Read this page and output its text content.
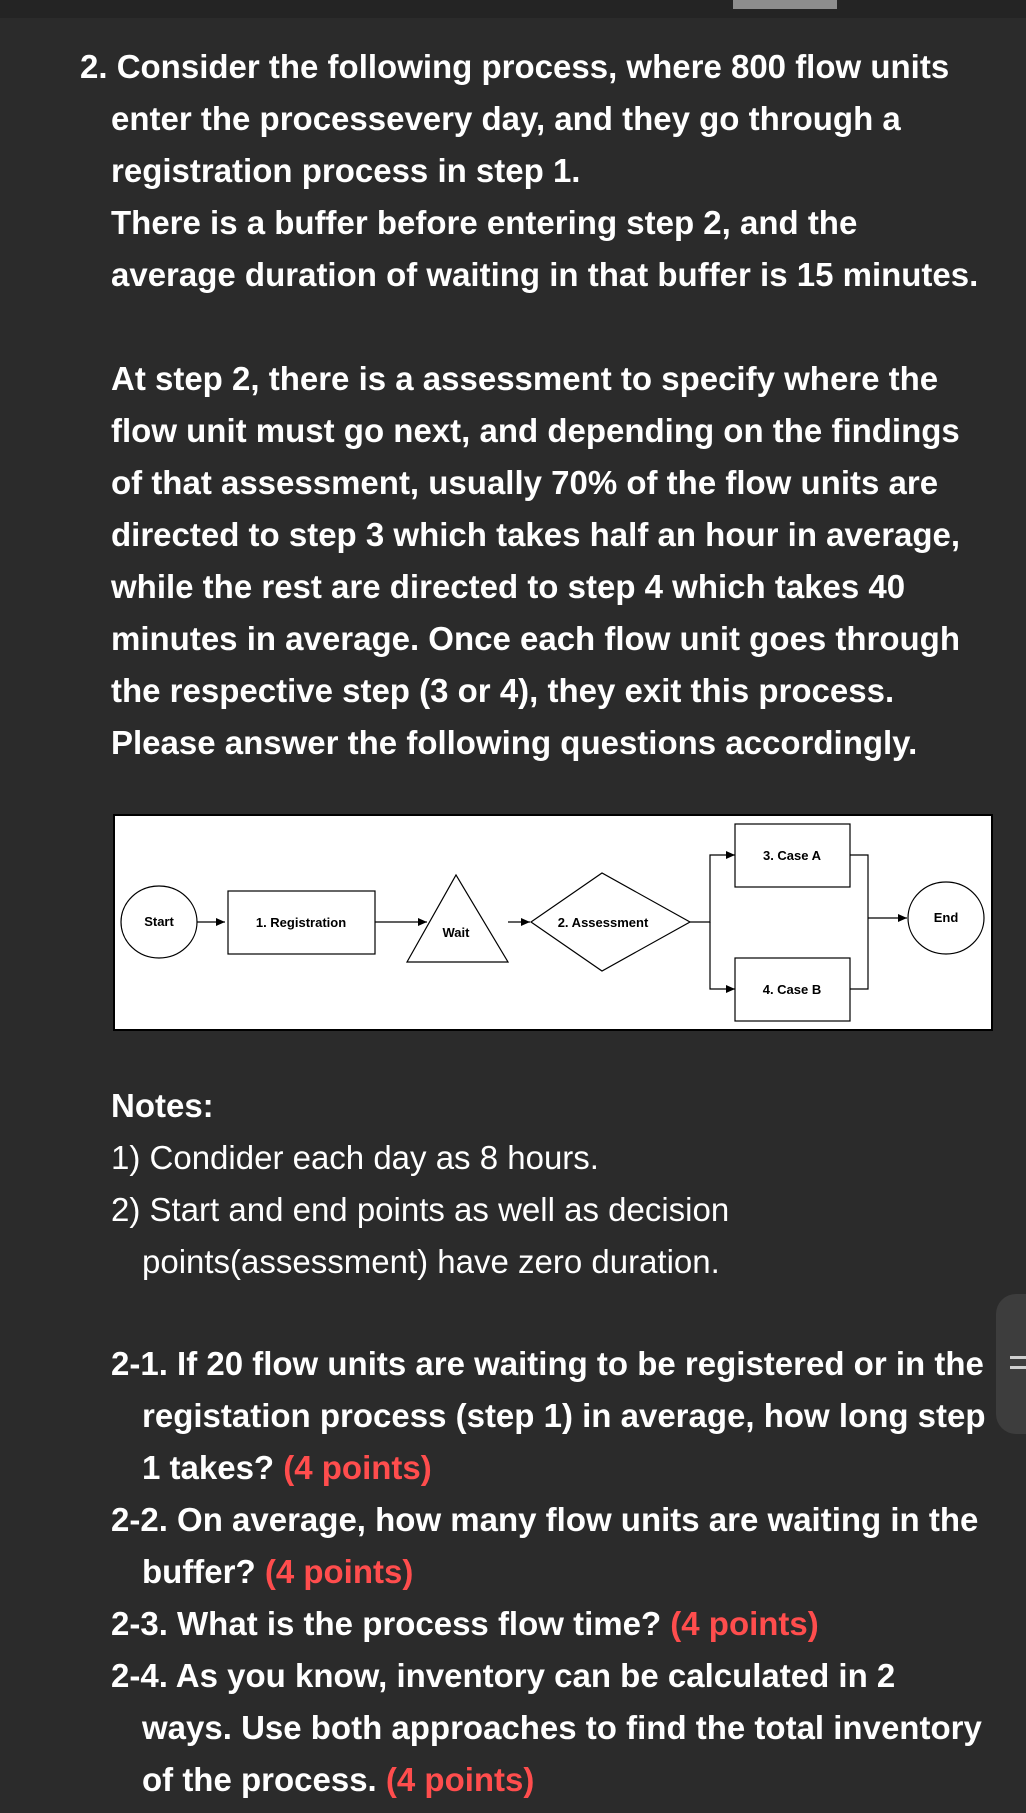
2. Consider the following process, where 800 flow units enter the processevery day, and they go through a registration process in step 1.

There is a buffer before entering step 2, and the average duration of waiting in that buffer is 15 minutes.

At step 2, there is a assessment to specify where the flow unit must go next, and depending on the findings of that assessment, usually 70% of the flow units are directed to step 3 which takes half an hour in average, while the rest are directed to step 4 which takes 40 minutes in average. Once each flow unit goes through the respective step (3 or 4), they exit this process. Please answer the following questions accordingly.

Start	1. Registration
Wait
2. Assessment
3. Case A
4. Case B
End

Notes:

1) Condider each day as 8 hours.

2) Start and end points as well as decision points(assessment) have zero duration.

2-1. If 20 flow units are waiting to be registered or in the registation process (step 1) in average, how long step 1 takes? (4 points)

2-2. On average, how many flow units are waiting in the buffer? (4 points)

2-3. What is the process flow time? (4 points)

2-4. As you know, inventory can be calculated in 2 ways. Use both approaches to find the total inventory of the process. (4 points)
